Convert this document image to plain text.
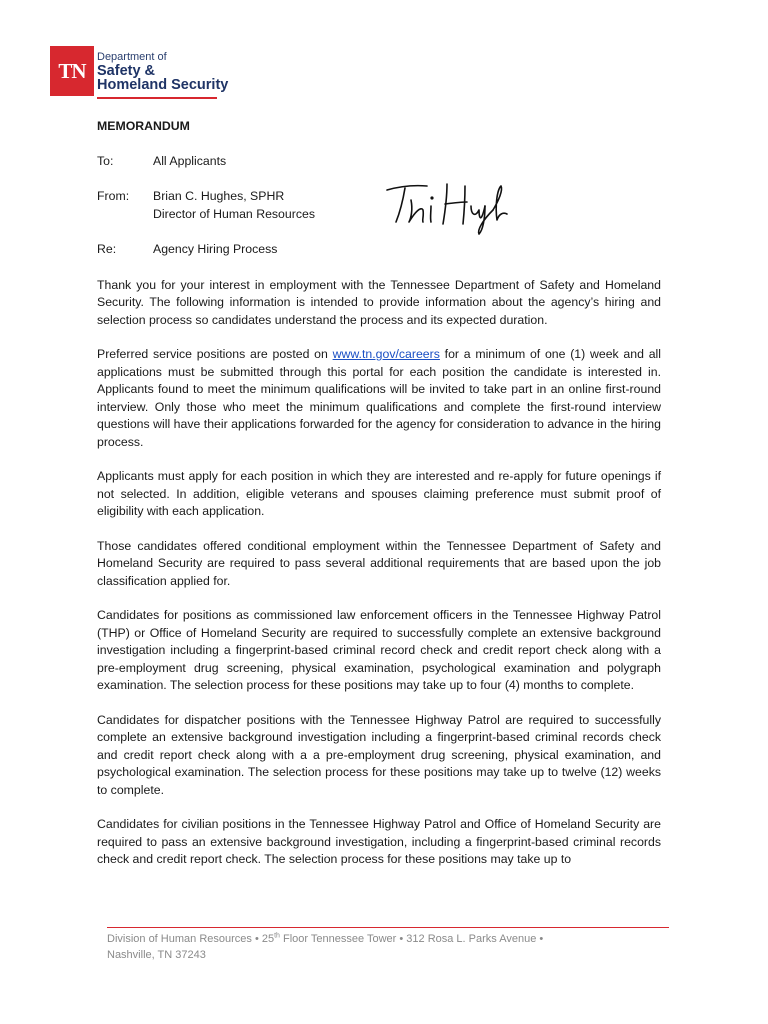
TN
Department of
Safety &
Homeland Security
MEMORANDUM
To:	All Applicants
From:	Brian C. Hughes, SPHR
Director of Human Resources
Re:	Agency Hiring Process

Thank you for your interest in employment with the Tennessee Department of Safety and Homeland Security. The following information is intended to provide information about the agency’s hiring and selection process so candidates understand the process and its expected duration.

Preferred service positions are posted on www.tn.gov/careers for a minimum of one (1) week and all applications must be submitted through this portal for each position the candidate is interested in. Applicants found to meet the minimum qualifications will be invited to take part in an online first-round interview. Only those who meet the minimum qualifications and complete the first-round interview questions will have their applications forwarded for the agency for consideration to advance in the hiring process.

Applicants must apply for each position in which they are interested and re-apply for future openings if not selected. In addition, eligible veterans and spouses claiming preference must submit proof of eligibility with each application.

Those candidates offered conditional employment within the Tennessee Department of Safety and Homeland Security are required to pass several additional requirements that are based upon the job classification applied for.

Candidates for positions as commissioned law enforcement officers in the Tennessee Highway Patrol (THP) or Office of Homeland Security are required to successfully complete an extensive background investigation including a fingerprint-based criminal record check and credit report check along with a pre-employment drug screening, physical examination, psychological examination and polygraph examination. The selection process for these positions may take up to four (4) months to complete.

Candidates for dispatcher positions with the Tennessee Highway Patrol are required to successfully complete an extensive background investigation including a fingerprint-based criminal records check and credit report check along with a a pre-employment drug screening, physical examination, and psychological examination. The selection process for these positions may take up to twelve (12) weeks to complete.

Candidates for civilian positions in the Tennessee Highway Patrol and Office of Homeland Security are required to pass an extensive background investigation, including a fingerprint-based criminal records check and credit report check. The selection process for these positions may take up to

Division of Human Resources • 25th Floor Tennessee Tower • 312 Rosa L. Parks Avenue •
Nashville, TN 37243
